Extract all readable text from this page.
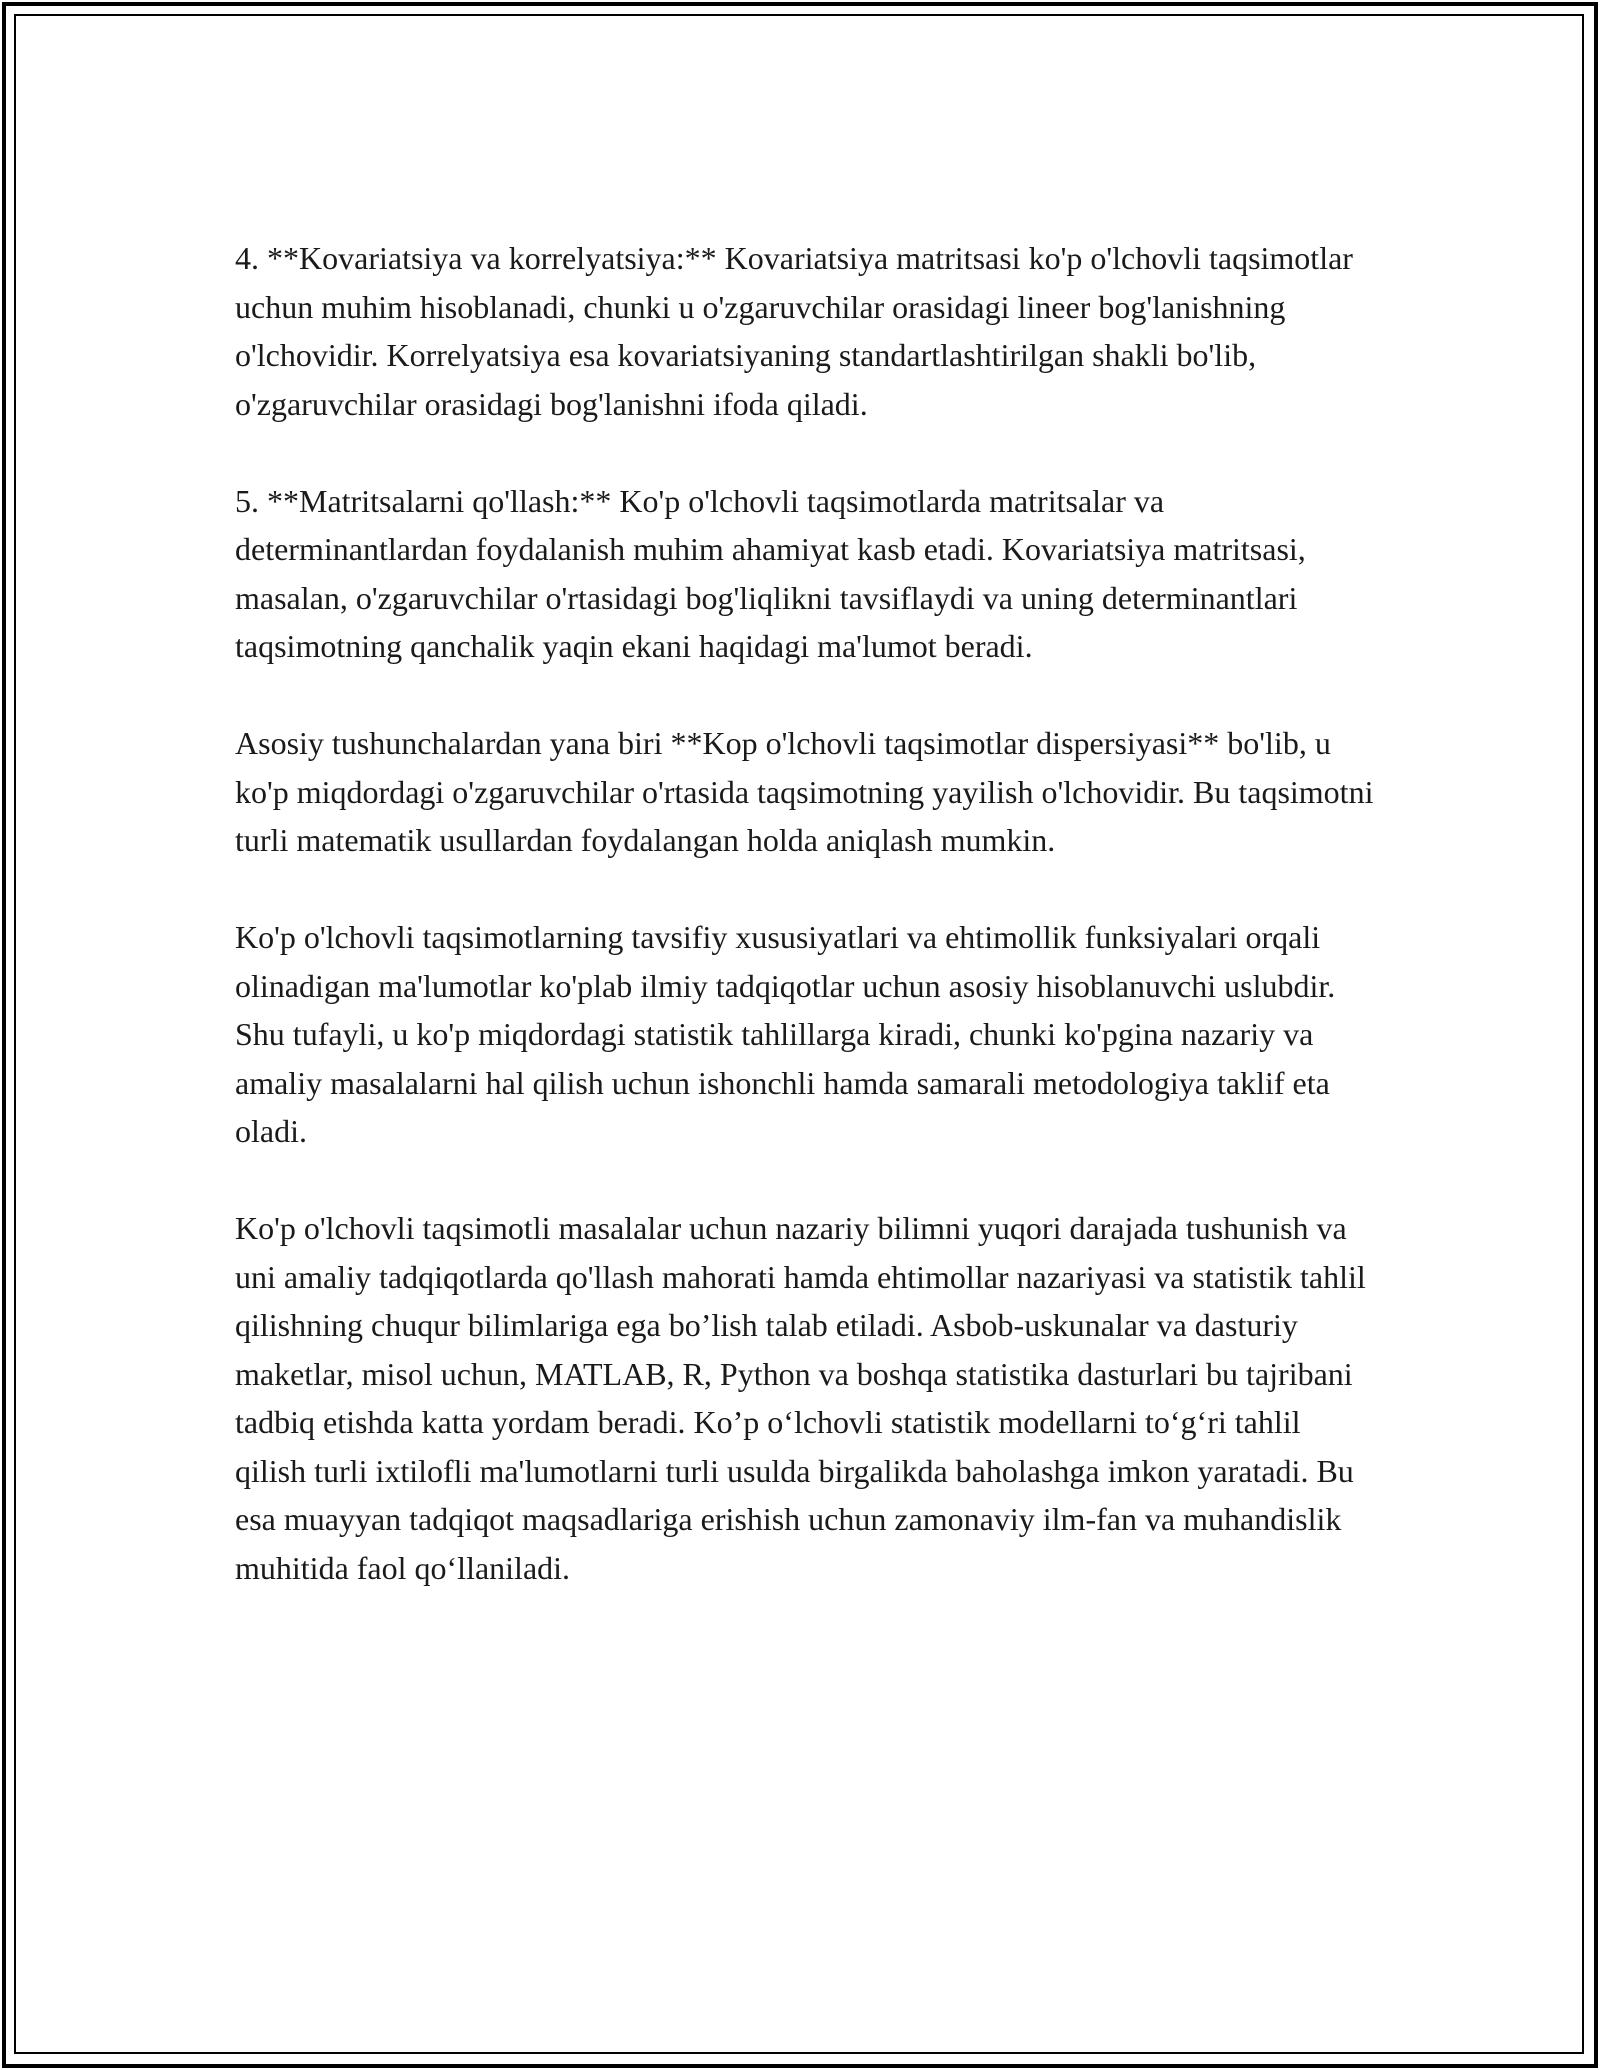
4. **Kovariatsiya va korrelyatsiya:** Kovariatsiya matritsasi ko'p o'lchovli taqsimotlar uchun muhim hisoblanadi, chunki u o'zgaruvchilar orasidagi lineer bog'lanishning o'lchovidir. Korrelyatsiya esa kovariatsiyaning standartlashtirilgan shakli bo'lib, o'zgaruvchilar orasidagi bog'lanishni ifoda qiladi.

5. **Matritsalarni qo'llash:** Ko'p o'lchovli taqsimotlarda matritsalar va determinantlardan foydalanish muhim ahamiyat kasb etadi. Kovariatsiya matritsasi, masalan, o'zgaruvchilar o'rtasidagi bog'liqlikni tavsiflaydi va uning determinantlari taqsimotning qanchalik yaqin ekani haqidagi ma'lumot beradi.

Asosiy tushunchalardan yana biri **Kop o'lchovli taqsimotlar dispersiyasi** bo'lib, u ko'p miqdordagi o'zgaruvchilar o'rtasida taqsimotning yayilish o'lchovidir. Bu taqsimotni turli matematik usullardan foydalangan holda aniqlash mumkin.

Ko'p o'lchovli taqsimotlarning tavsifiy xususiyatlari va ehtimollik funksiyalari orqali olinadigan ma'lumotlar ko'plab ilmiy tadqiqotlar uchun asosiy hisoblanuvchi uslubdir. Shu tufayli, u ko'p miqdordagi statistik tahlillarga kiradi, chunki ko'pgina nazariy va amaliy masalalarni hal qilish uchun ishonchli hamda samarali metodologiya taklif eta oladi.

Ko'p o'lchovli taqsimotli masalalar uchun nazariy bilimni yuqori darajada tushunish va uni amaliy tadqiqotlarda qo'llash mahorati hamda ehtimollar nazariyasi va statistik tahlil qilishning chuqur bilimlariga ega bo’lish talab etiladi. Asbob-uskunalar va dasturiy maketlar, misol uchun, MATLAB, R, Python va boshqa statistika dasturlari bu tajribani tadbiq etishda katta yordam beradi. Ko’p o‘lchovli statistik modellarni to‘g‘ri tahlil qilish turli ixtilofli ma'lumotlarni turli usulda birgalikda baholashga imkon yaratadi. Bu esa muayyan tadqiqot maqsadlariga erishish uchun zamonaviy ilm-fan va muhandislik muhitida faol qo‘llaniladi.
